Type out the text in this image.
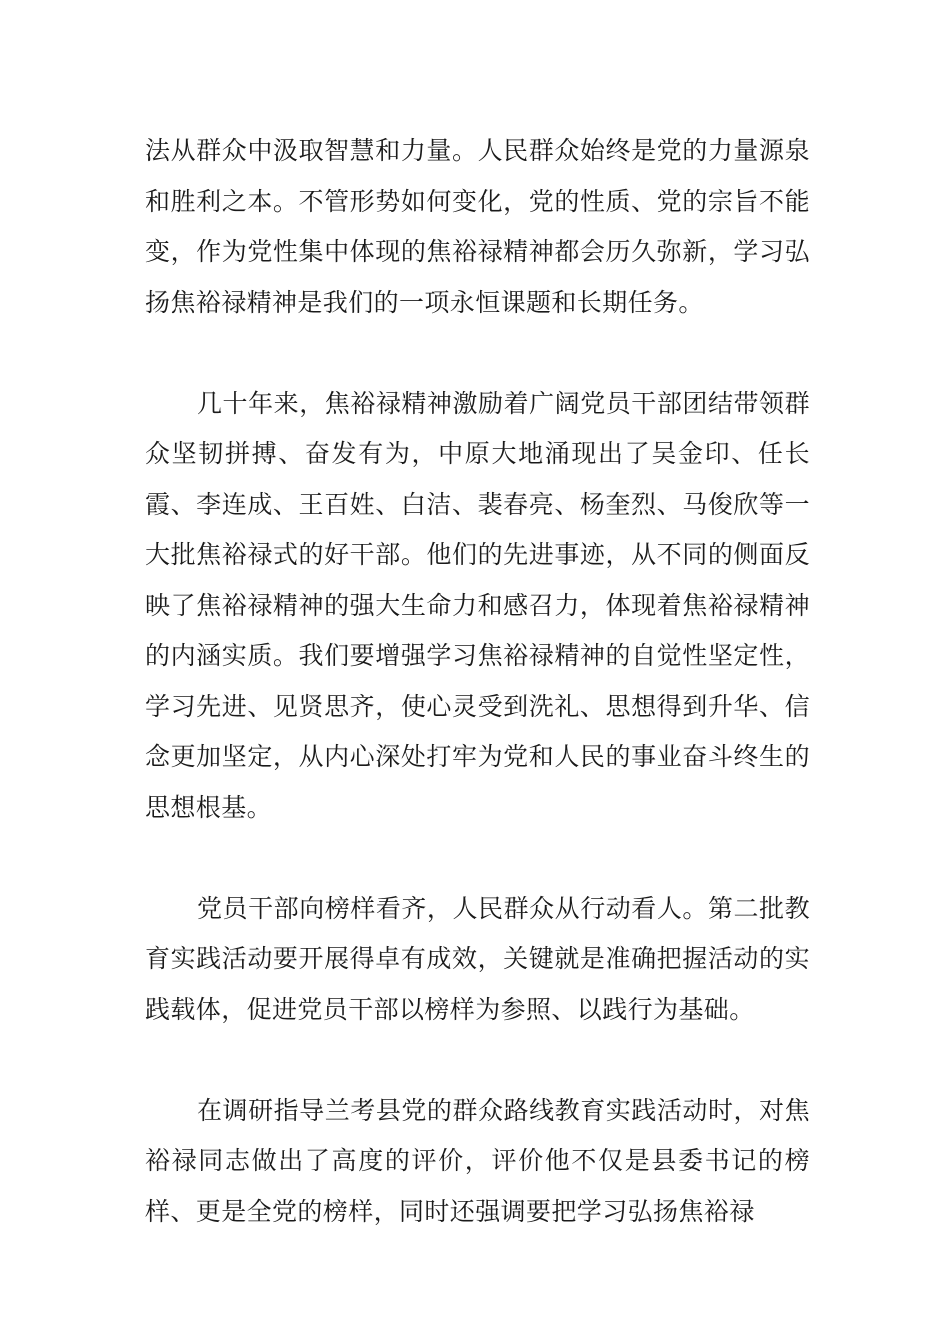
法从群众中汲取智慧和力量。人民群众始终是党的力量源泉和胜利之本。不管形势如何变化，党的性质、党的宗旨不能变，作为党性集中体现的焦裕禄精神都会历久弥新，学习弘扬焦裕禄精神是我们的一项永恒课题和长期任务。

几十年来，焦裕禄精神激励着广阔党员干部团结带领群众坚韧拼搏、奋发有为，中原大地涌现出了吴金印、任长霞、李连成、王百姓、白洁、裴春亮、杨奎烈、马俊欣等一大批焦裕禄式的好干部。他们的先进事迹，从不同的侧面反映了焦裕禄精神的强大生命力和感召力，体现着焦裕禄精神的内涵实质。我们要增强学习焦裕禄精神的自觉性坚定性，学习先进、见贤思齐，使心灵受到洗礼、思想得到升华、信念更加坚定，从内心深处打牢为党和人民的事业奋斗终生的思想根基。

党员干部向榜样看齐，人民群众从行动看人。第二批教育实践活动要开展得卓有成效，关键就是准确把握活动的实践载体，促进党员干部以榜样为参照、以践行为基础。

在调研指导兰考县党的群众路线教育实践活动时，对焦裕禄同志做出了高度的评价，评价他不仅是县委书记的榜样、更是全党的榜样，同时还强调要把学习弘扬焦裕禄
